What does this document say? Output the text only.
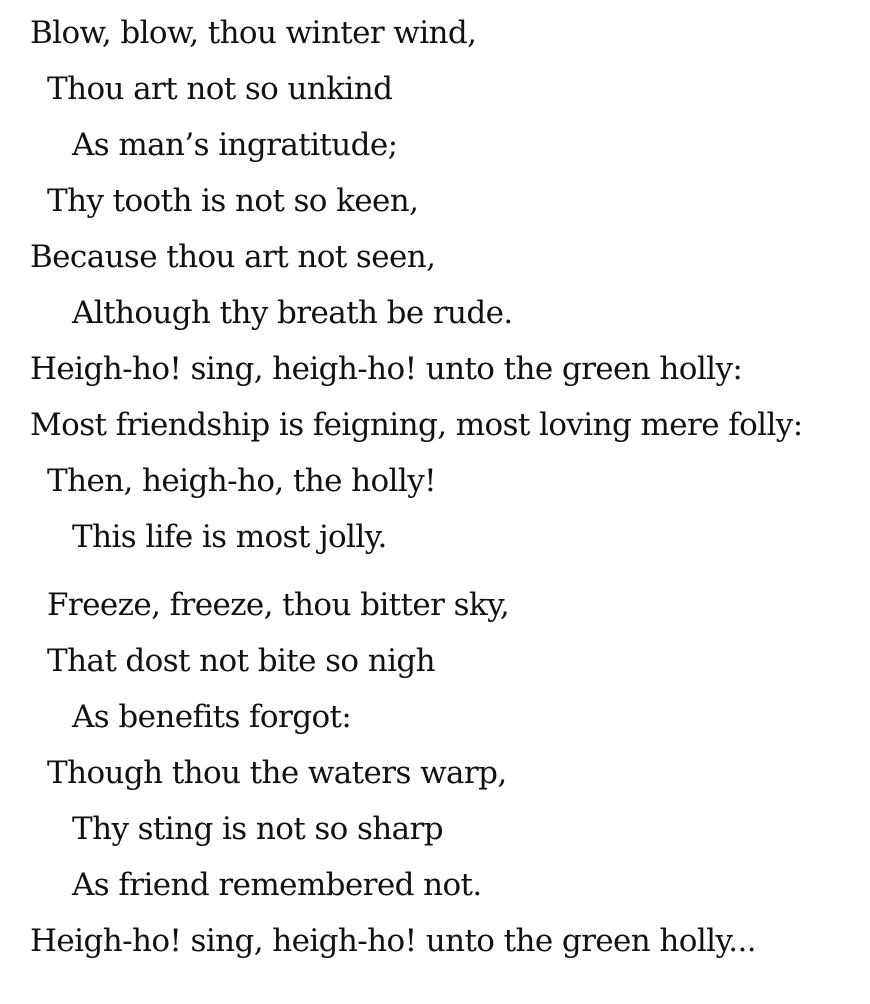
Blow, blow, thou winter wind,
Thou art not so unkind
As man’s ingratitude;
Thy tooth is not so keen,
Because thou art not seen,
Although thy breath be rude.
Heigh-ho! sing, heigh-ho! unto the green holly:
Most friendship is feigning, most loving mere folly:
Then, heigh-ho, the holly!
This life is most jolly.
Freeze, freeze, thou bitter sky,
That dost not bite so nigh
As benefits forgot:
Though thou the waters warp,
Thy sting is not so sharp
As friend remembered not.
Heigh-ho! sing, heigh-ho! unto the green holly...
